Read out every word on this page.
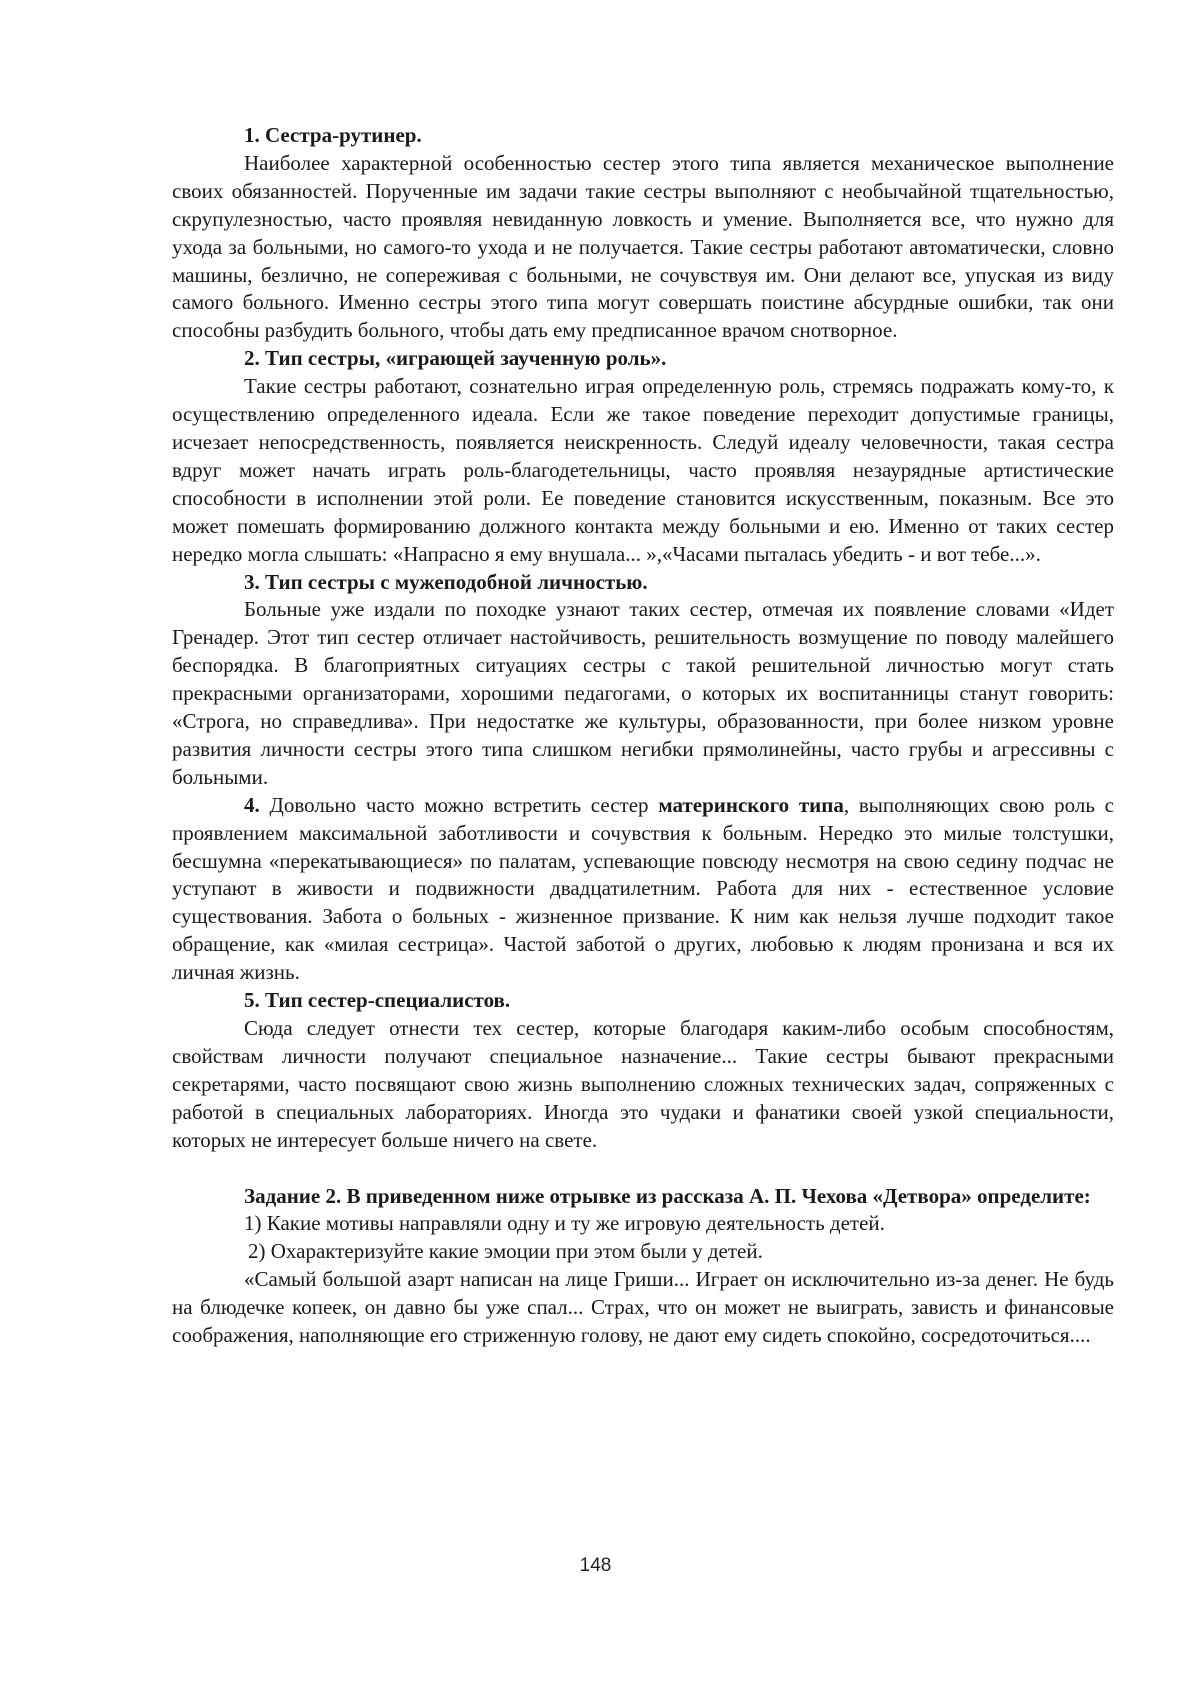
1. Сестра-рутинер.

Наиболее характерной особенностью сестер этого типа является механическое выполнение своих обязанностей. Порученные им задачи такие сестры выполняют с необычайной тщательностью, скрупулезностью, часто проявляя невиданную ловкость и умение. Выполняется все, что нужно для ухода за больными, но самого-то ухода и не получается. Такие сестры работают автоматически, словно машины, безлично, не сопереживая с больными, не сочувствуя им. Они делают все, упуская из виду самого больного. Именно сестры этого типа могут совершать поистине абсурдные ошибки, так они способны разбудить больного, чтобы дать ему предписанное врачом снотворное.

2. Тип сестры, «играющей заученную роль».

Такие сестры работают, сознательно играя определенную роль, стремясь подражать кому-то, к осуществлению определенного идеала. Если же такое поведение переходит допустимые границы, исчезает непосредственность, появляется неискренность. Следуй идеалу человечности, такая сестра вдруг может начать играть роль-благодетельницы, часто проявляя незаурядные артистические способности в исполнении этой роли. Ее поведение становится искусственным, показным. Все это может помешать формированию должного контакта между больными и ею. Именно от таких сестер нередко могла слышать: «Напрасно я ему внушала... »,«Часами пыталась убедить - и вот тебе...».

3. Тип сестры с мужеподобной личностью.

Больные уже издали по походке узнают таких сестер, отмечая их появление словами «Идет Гренадер. Этот тип сестер отличает настойчивость, решительность возмущение по поводу малейшего беспорядка. В благоприятных ситуациях сестры с такой решительной личностью могут стать прекрасными организаторами, хорошими педагогами, о которых их воспитанницы станут говорить: «Строга, но справедлива». При недостатке же культуры, образованности, при более низком уровне развития личности сестры этого типа слишком негибки прямолинейны, часто грубы и агрессивны с больными.

4. Довольно часто можно встретить сестер материнского типа, выполняющих свою роль с проявлением максимальной заботливости и сочувствия к больным. Нередко это милые толстушки, бесшумна «перекатывающиеся» по палатам, успевающие повсюду несмотря на свою седину подчас не уступают в живости и подвижности двадцатилетним. Работа для них - естественное условие существования. Забота о больных - жизненное призвание. К ним как нельзя лучше подходит такое обращение, как «милая сестрица». Частой заботой о других, любовью к людям пронизана и вся их личная жизнь.

5. Тип сестер-специалистов.

Сюда следует отнести тех сестер, которые благодаря каким-либо особым способностям, свойствам личности получают специальное назначение... Такие сестры бывают прекрасными секретарями, часто посвящают свою жизнь выполнению сложных технических задач, сопряженных с работой в специальных лабораториях. Иногда это чудаки и фанатики своей узкой специальности, которых не интересует больше ничего на свете.

Задание 2. В приведенном ниже отрывке из рассказа А. П. Чехова «Детвора» определите:

1) Какие мотивы направляли одну и ту же игровую деятельность детей.

2) Охарактеризуйте какие эмоции при этом были у детей.

«Самый большой азарт написан на лице Гриши... Играет он исключительно из-за денег. Не будь на блюдечке копеек, он давно бы уже спал... Страх, что он может не выиграть, зависть и финансовые соображения, наполняющие его стриженную голову, не дают ему сидеть спокойно, сосредоточиться....

148
